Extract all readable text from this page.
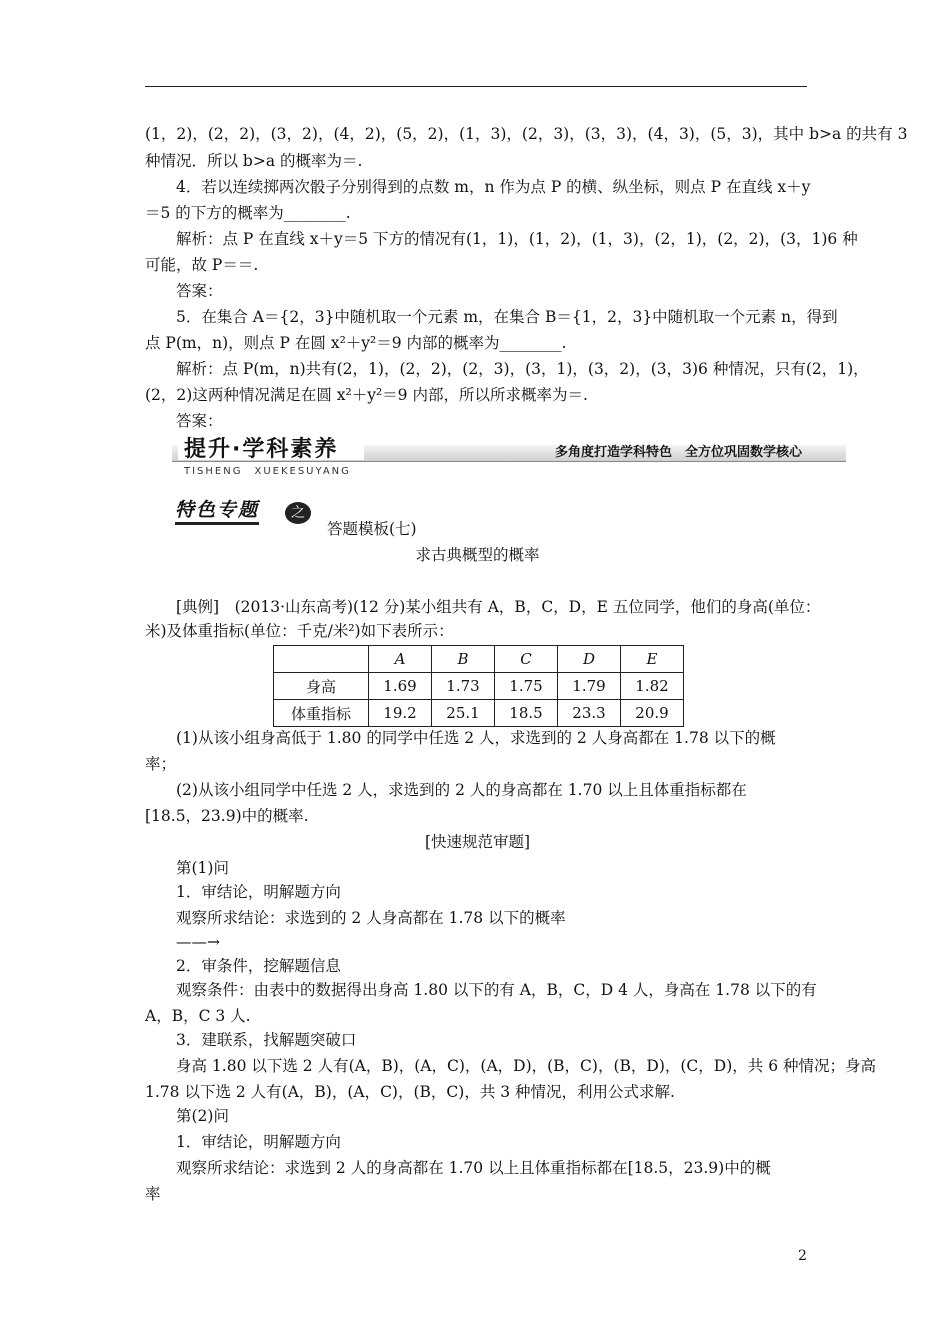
(1，2)，(2，2)，(3，2)，(4，2)，(5，2)，(1，3)，(2，3)，(3，3)，(4，3)，(5，3)，其中 b>a 的共有 3
种情况．所以 b>a 的概率为＝.
4．若以连续掷两次骰子分别得到的点数 m，n 作为点 P 的横、纵坐标，则点 P 在直线 x＋y
＝5 的下方的概率为________.
解析：点 P 在直线 x＋y＝5 下方的情况有(1，1)，(1，2)，(1，3)，(2，1)，(2，2)，(3，1)6 种
可能，故 P＝＝.
答案：
5．在集合 A＝{2，3}中随机取一个元素 m，在集合 B＝{1，2，3}中随机取一个元素 n，得到
点 P(m，n)，则点 P 在圆 x²＋y²＝9 内部的概率为________.
解析：点 P(m，n)共有(2，1)，(2，2)，(2，3)，(3，1)，(3，2)，(3，3)6 种情况，只有(2，1)，
(2，2)这两种情况满足在圆 x²＋y²＝9 内部，所以所求概率为＝.
答案：
提升·学科素养
TISHENG　XUEKESUYANG
多角度打造学科特色　全方位巩固数学核心
特色专题	之
答题模板(七)
求古典概型的概率
[典例]　(2013·山东高考)(12 分)某小组共有 A，B，C，D，E 五位同学，他们的身高(单位：
米)及体重指标(单位：千克/米²)如下表所示：
	A	B	C	D	E
身高	1.69	1.73	1.75	1.79	1.82
体重指标	19.2	25.1	18.5	23.3	20.9
(1)从该小组身高低于 1.80 的同学中任选 2 人，求选到的 2 人身高都在 1.78 以下的概
率；
(2)从该小组同学中任选 2 人，求选到的 2 人的身高都在 1.70 以上且体重指标都在
[18.5，23.9)中的概率.
[快速规范审题]
第(1)问
1．审结论，明解题方向
观察所求结论：求选到的 2 人身高都在 1.78 以下的概率
——→
2．审条件，挖解题信息
观察条件：由表中的数据得出身高 1.80 以下的有 A，B，C，D 4 人，身高在 1.78 以下的有
A，B，C 3 人.
3．建联系，找解题突破口
身高 1.80 以下选 2 人有(A，B)，(A，C)，(A，D)，(B，C)，(B，D)，(C，D)，共 6 种情况；身高
1.78 以下选 2 人有(A，B)，(A，C)，(B，C)，共 3 种情况，利用公式求解.
第(2)问
1．审结论，明解题方向
观察所求结论：求选到 2 人的身高都在 1.70 以上且体重指标都在[18.5，23.9)中的概
率
2
